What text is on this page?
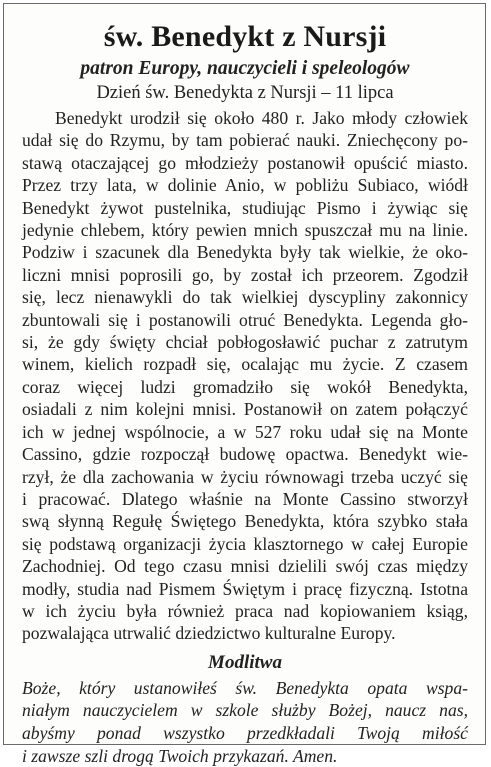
św. Benedykt z Nursji
patron Europy, nauczycieli i speleologów
Dzień św. Benedykta z Nursji – 11 lipca
Benedykt urodził się około 480 r. Jako młody człowiek
udał się do Rzymu, by tam pobierać nauki. Zniechęcony po-
stawą otaczającej go młodzieży postanowił opuścić miasto.
Przez trzy lata, w dolinie Anio, w pobliżu Subiaco, wiódł
Benedykt żywot pustelnika, studiując Pismo i żywiąc się
jedynie chlebem, który pewien mnich spuszczał mu na linie.
Podziw i szacunek dla Benedykta były tak wielkie, że oko-
liczni mnisi poprosili go, by został ich przeorem. Zgodził
się, lecz nienawykli do tak wielkiej dyscypliny zakonnicy
zbuntowali się i postanowili otruć Benedykta. Legenda gło-
si, że gdy święty chciał pobłogosławić puchar z zatrutym
winem, kielich rozpadł się, ocalając mu życie. Z czasem
coraz więcej ludzi gromadziło się wokół Benedykta,
osiadali z nim kolejni mnisi. Postanowił on zatem połączyć
ich w jednej wspólnocie, a w 527 roku udał się na Monte
Cassino, gdzie rozpoczął budowę opactwa. Benedykt wie-
rzył, że dla zachowania w życiu równowagi trzeba uczyć się
i pracować. Dlatego właśnie na Monte Cassino stworzył
swą słynną Regułę Świętego Benedykta, która szybko stała
się podstawą organizacji życia klasztornego w całej Europie
Zachodniej. Od tego czasu mnisi dzielili swój czas między
modły, studia nad Pismem Świętym i pracę fizyczną. Istotna
w ich życiu była również praca nad kopiowaniem ksiąg,
pozwalająca utrwalić dziedzictwo kulturalne Europy.
Modlitwa
Boże, który ustanowiłeś św. Benedykta opata wspa-
niałym nauczycielem w szkole służby Bożej, naucz nas,
abyśmy ponad wszystko przedkładali Twoją miłość
i zawsze szli drogą Twoich przykazań. Amen.
